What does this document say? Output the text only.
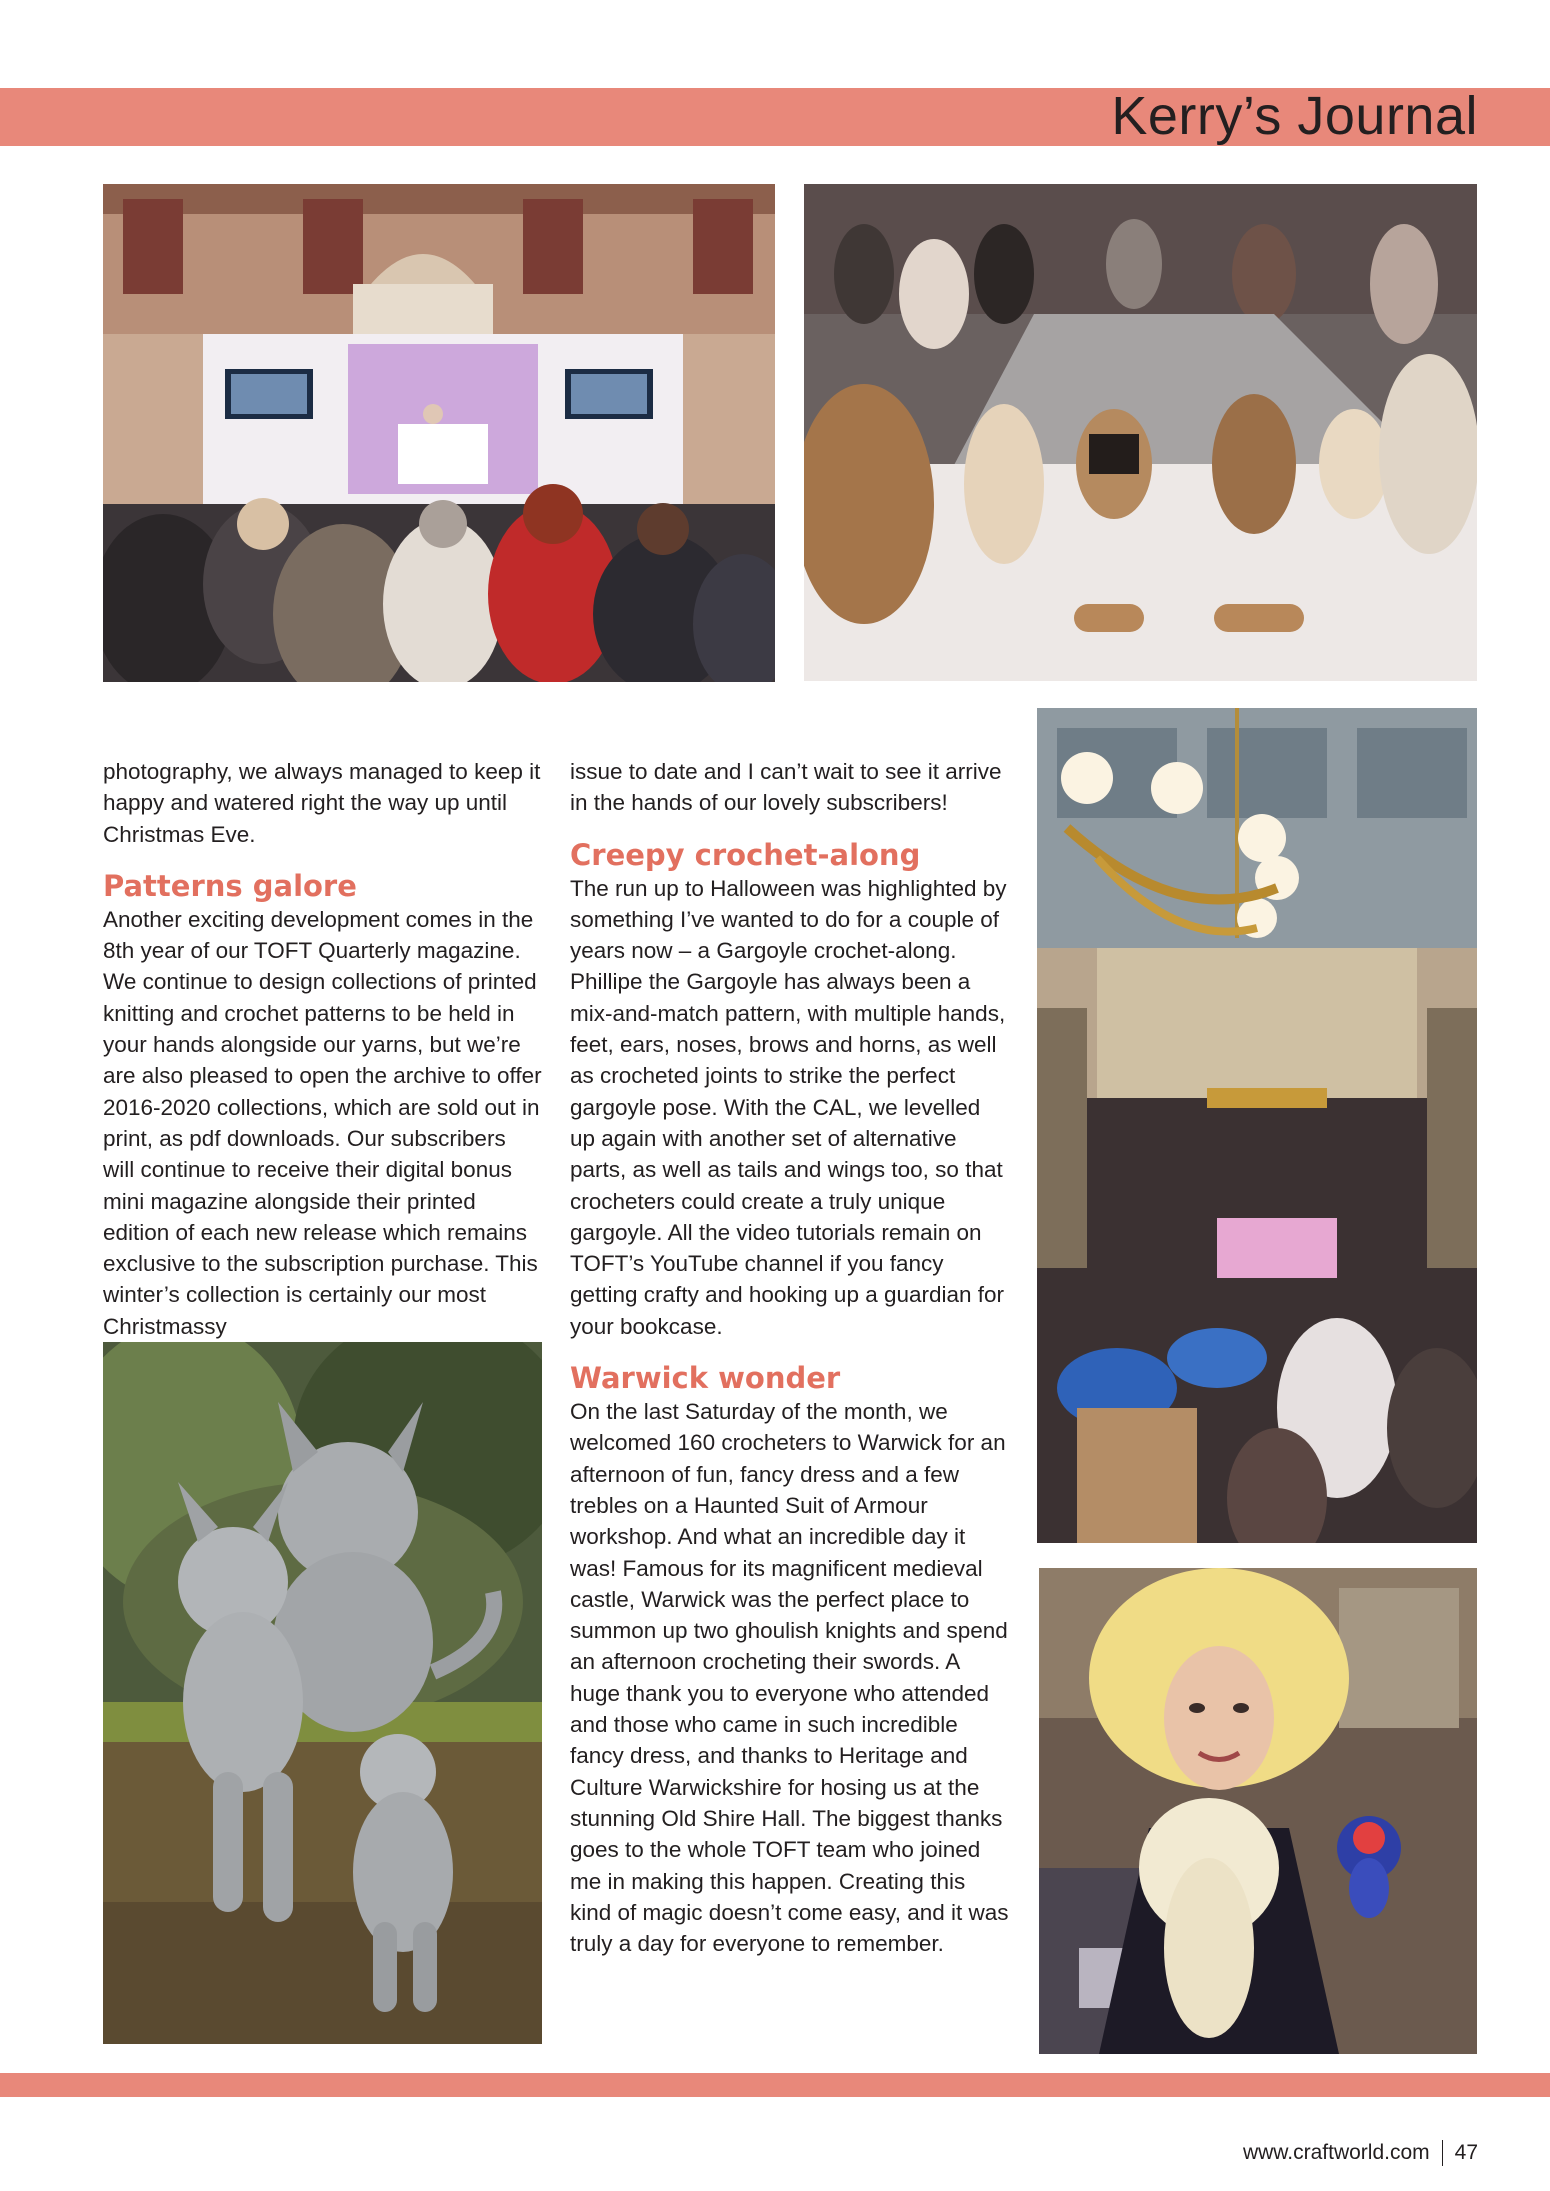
Kerry’s Journal

photography, we always managed to keep it happy and watered right the way up until Christmas Eve.

Patterns galore

Another exciting development comes in the 8th year of our TOFT Quarterly magazine. We continue to design collections of printed knitting and crochet patterns to be held in your hands alongside our yarns, but we’re are also pleased to open the archive to offer 2016-2020 collections, which are sold out in print, as pdf downloads. Our subscribers will continue to receive their digital bonus mini magazine alongside their printed edition of each new release which remains exclusive to the subscription purchase. This winter’s collection is certainly our most Christmassy

issue to date and I can’t wait to see it arrive in the hands of our lovely subscribers!

Creepy crochet-along

The run up to Halloween was highlighted by something I’ve wanted to do for a couple of years now – a Gargoyle crochet-along. Phillipe the Gargoyle has always been a mix-and-match pattern, with multiple hands, feet, ears, noses, brows and horns, as well as crocheted joints to strike the perfect gargoyle pose. With the CAL, we levelled up again with another set of alternative parts, as well as tails and wings too, so that crocheters could create a truly unique gargoyle. All the video tutorials remain on TOFT’s YouTube channel if you fancy getting crafty and hooking up a guardian for your bookcase.

Warwick wonder

On the last Saturday of the month, we welcomed 160 crocheters to Warwick for an afternoon of fun, fancy dress and a few trebles on a Haunted Suit of Armour workshop. And what an incredible day it was! Famous for its magnificent medieval castle, Warwick was the perfect place to summon up two ghoulish knights and spend an afternoon crocheting their swords. A huge thank you to everyone who attended and those who came in such incredible fancy dress, and thanks to Heritage and Culture Warwickshire for hosing us at the stunning Old Shire Hall. The biggest thanks goes to the whole TOFT team who joined me in making this happen. Creating this kind of magic doesn’t come easy, and it was truly a day for everyone to remember.

www.craftworld.com 47
